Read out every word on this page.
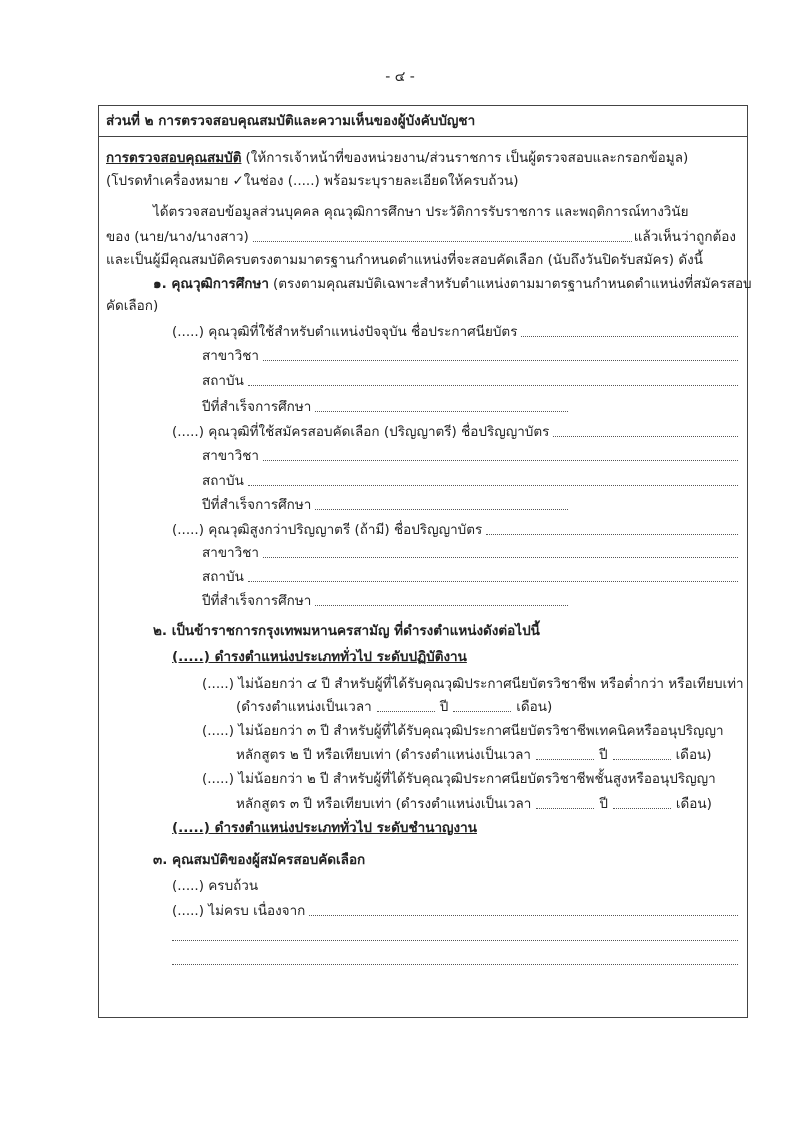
- ๔ -
ส่วนที่ ๒ การตรวจสอบคุณสมบัติและความเห็นของผู้บังคับบัญชา
การตรวจสอบคุณสมบัติ (ให้การเจ้าหน้าที่ของหน่วยงาน/ส่วนราชการ เป็นผู้ตรวจสอบและกรอกข้อมูล)
(โปรดทำเครื่องหมาย ✓ ในช่อง (.....) พร้อมระบุรายละเอียดให้ครบถ้วน)
ได้ตรวจสอบข้อมูลส่วนบุคคล คุณวุฒิการศึกษา ประวัติการรับราชการ และพฤติการณ์ทางวินัย
ของ (นาย/นาง/นางสาว)	แล้วเห็นว่าถูกต้อง
และเป็นผู้มีคุณสมบัติครบตรงตามมาตรฐานกำหนดตำแหน่งที่จะสอบคัดเลือก (นับถึงวันปิดรับสมัคร) ดังนี้
๑. คุณวุฒิการศึกษา (ตรงตามคุณสมบัติเฉพาะสำหรับตำแหน่งตามมาตรฐานกำหนดตำแหน่งที่สมัครสอบ
คัดเลือก)
(.....) คุณวุฒิที่ใช้สำหรับตำแหน่งปัจจุบัน ชื่อประกาศนียบัตร
สาขาวิชา
สถาบัน
ปีที่สำเร็จการศึกษา
(.....) คุณวุฒิที่ใช้สมัครสอบคัดเลือก (ปริญญาตรี) ชื่อปริญญาบัตร
สาขาวิชา
สถาบัน
ปีที่สำเร็จการศึกษา
(.....) คุณวุฒิสูงกว่าปริญญาตรี (ถ้ามี) ชื่อปริญญาบัตร
สาขาวิชา
สถาบัน
ปีที่สำเร็จการศึกษา
๒. เป็นข้าราชการกรุงเทพมหานครสามัญ ที่ดำรงตำแหน่งดังต่อไปนี้
(.....) ดำรงตำแหน่งประเภททั่วไป ระดับปฏิบัติงาน
(.....) ไม่น้อยกว่า ๔ ปี สำหรับผู้ที่ได้รับคุณวุฒิประกาศนียบัตรวิชาชีพ หรือต่ำกว่า หรือเทียบเท่า
(ดำรงตำแหน่งเป็นเวลา	ปี	เดือน)
(.....) ไม่น้อยกว่า ๓ ปี สำหรับผู้ที่ได้รับคุณวุฒิประกาศนียบัตรวิชาชีพเทคนิคหรืออนุปริญญา
หลักสูตร ๒ ปี หรือเทียบเท่า (ดำรงตำแหน่งเป็นเวลา	ปี	เดือน)
(.....) ไม่น้อยกว่า ๒ ปี สำหรับผู้ที่ได้รับคุณวุฒิประกาศนียบัตรวิชาชีพชั้นสูงหรืออนุปริญญา
หลักสูตร ๓ ปี หรือเทียบเท่า (ดำรงตำแหน่งเป็นเวลา	ปี	เดือน)
(.....) ดำรงตำแหน่งประเภททั่วไป ระดับชำนาญงาน
๓. คุณสมบัติของผู้สมัครสอบคัดเลือก
(.....) ครบถ้วน
(.....) ไม่ครบ เนื่องจาก
